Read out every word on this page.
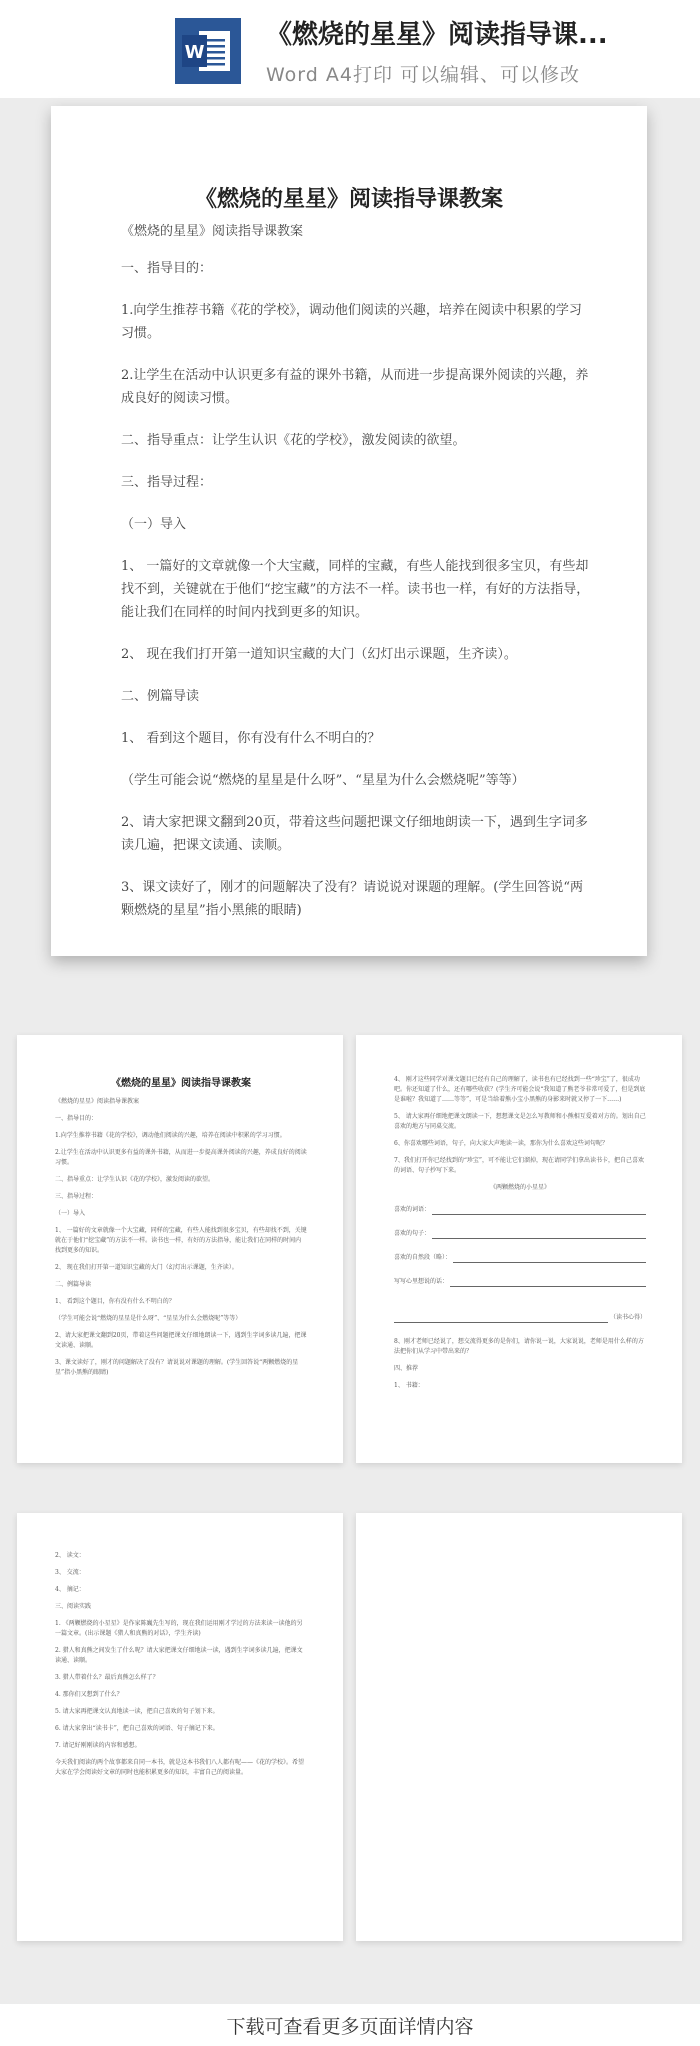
W
《燃烧的星星》阅读指导课...
Word A4打印 可以编辑、可以修改
《燃烧的星星》阅读指导课教案

《燃烧的星星》阅读指导课教案

一、指导目的：

1.向学生推荐书籍《花的学校》，调动他们阅读的兴趣，培养在阅读中积累的学习习惯。

2.让学生在活动中认识更多有益的课外书籍，从而进一步提高课外阅读的兴趣，养成良好的阅读习惯。

二、指导重点：让学生认识《花的学校》，激发阅读的欲望。

三、指导过程：

（一）导入

1、 一篇好的文章就像一个大宝藏，同样的宝藏，有些人能找到很多宝贝，有些却找不到，关键就在于他们“挖宝藏”的方法不一样。读书也一样，有好的方法指导，能让我们在同样的时间内找到更多的知识。

2、 现在我们打开第一道知识宝藏的大门（幻灯出示课题，生齐读）。

二、例篇导读

1、 看到这个题目，你有没有什么不明白的？

（学生可能会说“燃烧的星星是什么呀”、“星星为什么会燃烧呢”等等）

2、请大家把课文翻到20页，带着这些问题把课文仔细地朗读一下，遇到生字词多读几遍，把课文读通、读顺。

3、课文读好了，刚才的问题解决了没有？请说说对课题的理解。(学生回答说“两颗燃烧的星星”指小黑熊的眼睛)

《燃烧的星星》阅读指导课教案

《燃烧的星星》阅读指导课教案

一、指导目的：

1.向学生推荐书籍《花的学校》，调动他们阅读的兴趣，培养在阅读中积累的学习习惯。

2.让学生在活动中认识更多有益的课外书籍，从而进一步提高课外阅读的兴趣，养成良好的阅读习惯。

二、指导重点：让学生认识《花的学校》，激发阅读的欲望。

三、指导过程：

（一）导入

1、 一篇好的文章就像一个大宝藏，同样的宝藏，有些人能找到很多宝贝，有些却找不到，关键就在于他们“挖宝藏”的方法不一样。读书也一样，有好的方法指导，能让我们在同样的时间内找到更多的知识。

2、 现在我们打开第一道知识宝藏的大门（幻灯出示课题，生齐读）。

二、例篇导读

1、 看到这个题目，你有没有什么不明白的？

（学生可能会说“燃烧的星星是什么呀”、“星星为什么会燃烧呢”等等）

2、请大家把课文翻到20页，带着这些问题把课文仔细地朗读一下，遇到生字词多读几遍，把课文读通、读顺。

3、课文读好了，刚才的问题解决了没有？请说说对课题的理解。(学生回答说“两颗燃烧的星星”指小黑熊的眼睛)

4、 刚才这些同学对课文题目已经有自己的理解了，读书也有已经找到一些“珍宝”了，很成功吧。你还知道了什么，还有哪些收获？(学生齐可能会说“我知道了熊老爷非常可爱了，但是到底是谁啦？我知道了……等等”，可是当给着熊小宝小黑熊的身影来时就又停了一下……)

5、 请大家再仔细地把课文朗读一下，想想课文是怎么写教师和小熊相互爱着对方的。划出自己喜欢的地方与同桌交流。

6、你喜欢哪些词语，句子，向大家大声地读一读，那你为什么喜欢这些词句呢？

7、我们打开你已经找到的“珍宝”，可不能让它们溜掉，现在请同学们拿出读书卡，把自己喜欢的词语、句子抄写下来。

《两颗燃烧的小星星》

喜欢的词语：
喜欢的句子：
喜欢的自然段（略）：
写写心里想说的话：
（读书心得）

8、刚才老师已经说了，想交流得更多的是你们，请你说一说，大家说说，老师是用什么样的方法把你们从学习中带出来的？

四、推荐

1、 书籍：

2、 读文：

3、 交流：

4、 摘记：

三、阅读实践

1. 《两颗燃烧的小星星》是作家陈巍先生写的，现在我们运用刚才学过的方法来读一读他的另一篇文章。(出示课题《猎人和真熊的对话》，学生齐读)

2. 猎人和真熊之间发生了什么呢？请大家把课文仔细地读一读，遇到生字词多读几遍，把课文读通、读顺。

3. 猎人带着什么？最后真熊怎么样了？

4. 那你们又想到了什么？

5. 请大家再把课文认真地读一读，把自己喜欢的句子划下来。

6. 请大家拿出“读书卡”，把自己喜欢的词语、句子摘记下来。

7. 请记好刚刚读的内容和感想。

今天我们阅读的两个故事都来自同一本书，就是这本书我们八人都有呢——《花的学校》。希望大家在学会阅读好文章的同时也能积累更多的知识，丰富自己的阅读量。

下载可查看更多页面详情内容
